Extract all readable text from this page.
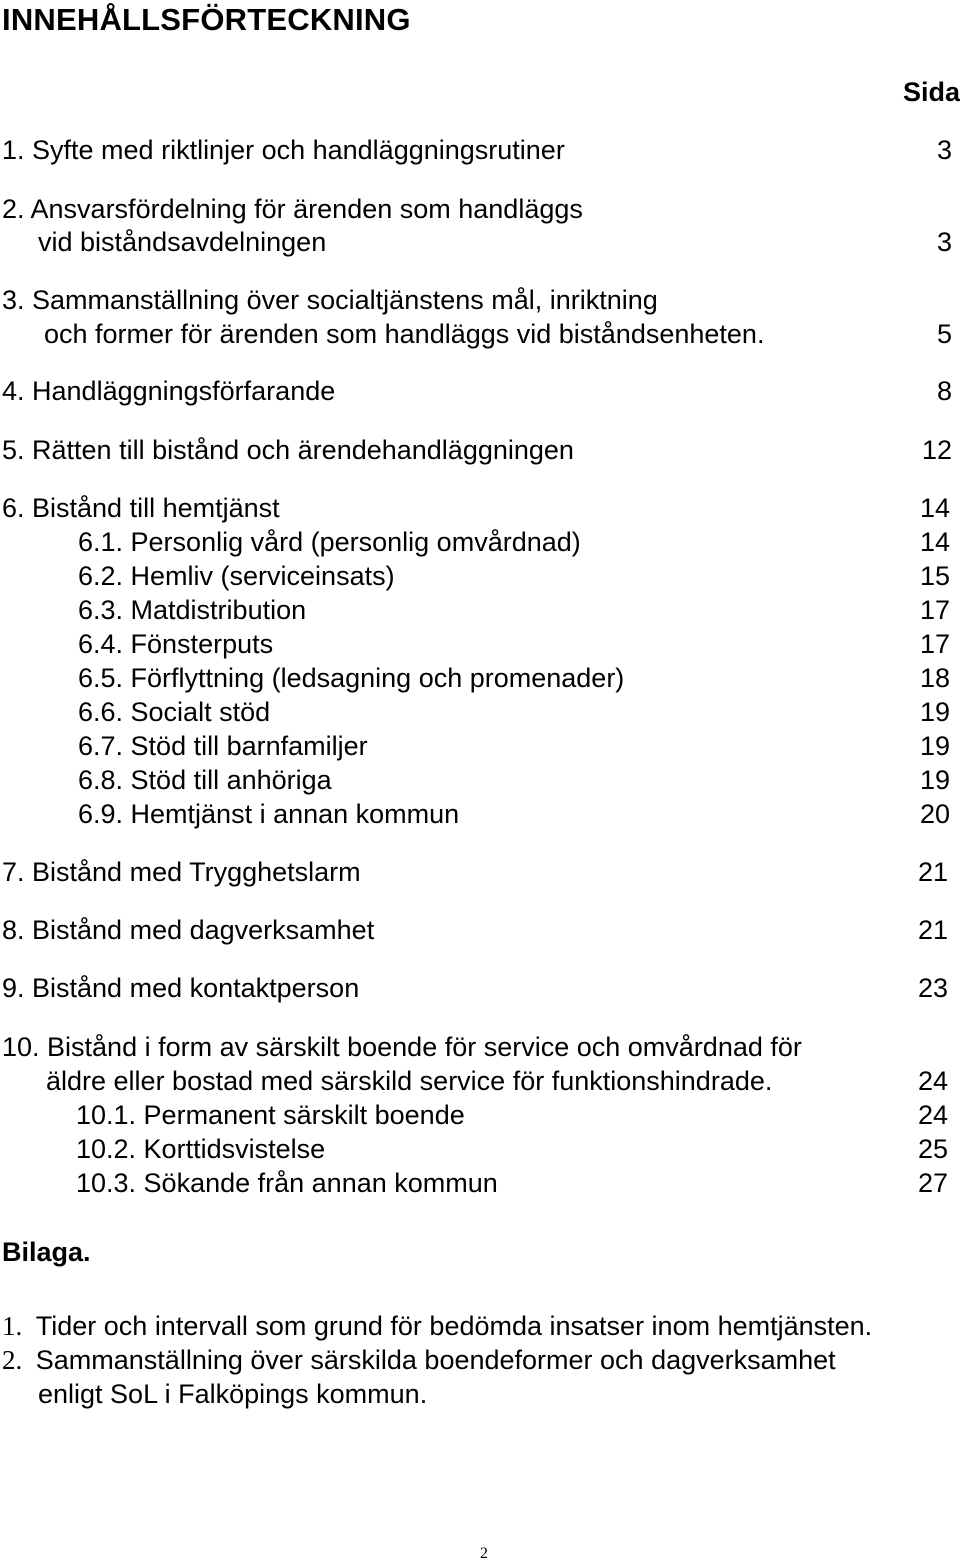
INNEHÅLLSFÖRTECKNING
Sida
1. Syfte med riktlinjer och handläggningsrutiner	3
2. Ansvarsfördelning för ärenden som handläggs
vid biståndsavdelningen	3
3. Sammanställning över socialtjänstens mål, inriktning
och former för ärenden som handläggs vid biståndsenheten.	5
4. Handläggningsförfarande	8
5. Rätten till bistånd och ärendehandläggningen	12
6. Bistånd till hemtjänst	14
6.1. Personlig vård (personlig omvårdnad)	14
6.2. Hemliv (serviceinsats)	15
6.3. Matdistribution	17
6.4. Fönsterputs	17
6.5. Förflyttning (ledsagning och promenader)	18
6.6. Socialt stöd	19
6.7. Stöd till barnfamiljer	19
6.8. Stöd till anhöriga	19
6.9. Hemtjänst i annan kommun	20
7. Bistånd med Trygghetslarm	21
8. Bistånd med dagverksamhet	21
9. Bistånd med kontaktperson	23
10. Bistånd i form av särskilt boende för service och omvårdnad för
äldre eller bostad med särskild service för funktionshindrade.	24
10.1. Permanent särskilt boende	24
10.2. Korttidsvistelse	25
10.3. Sökande från annan kommun	27
Bilaga.
1. Tider och intervall som grund för bedömda insatser inom hemtjänsten.
2. Sammanställning över särskilda boendeformer och dagverksamhet
enligt SoL i Falköpings kommun.
2
